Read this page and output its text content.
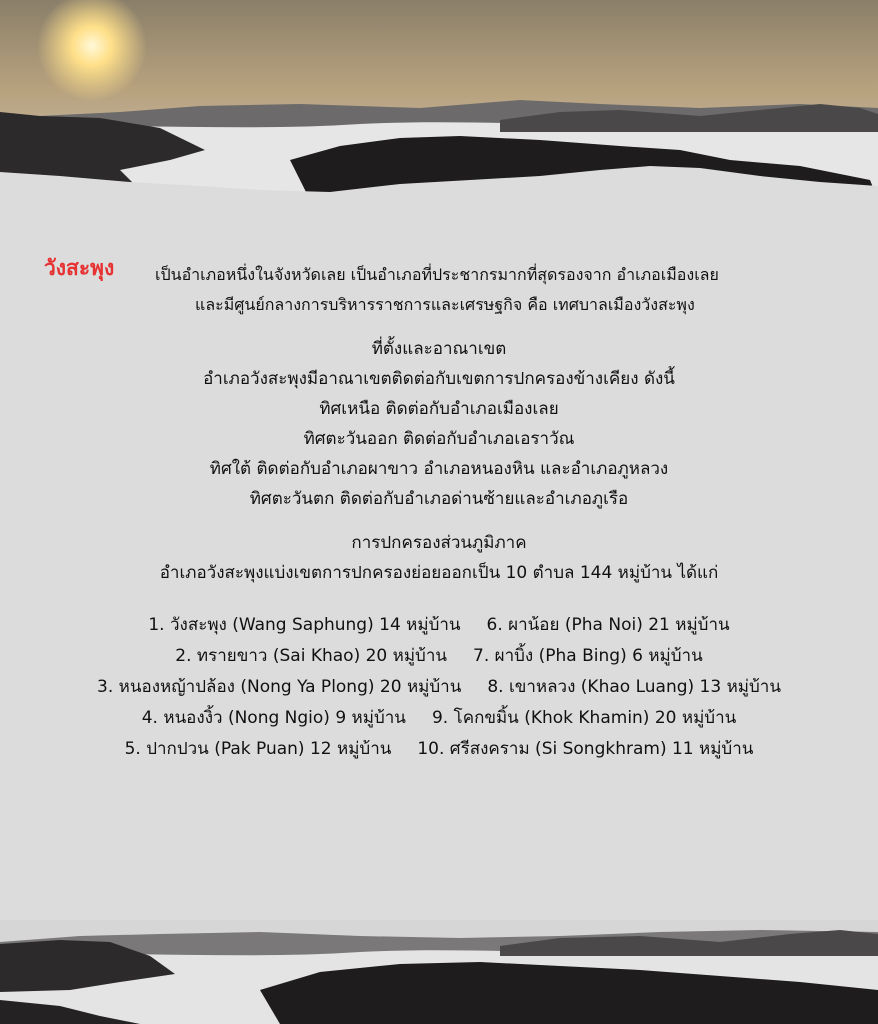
วังสะพุง	เป็นอำเภอหนึ่งในจังหวัดเลย เป็นอำเภอที่ประชากรมากที่สุดรองจาก อำเภอเมืองเลย
และมีศูนย์กลางการบริหารราชการและเศรษฐกิจ คือ เทศบาลเมืองวังสะพุง
ที่ตั้งและอาณาเขต
อำเภอวังสะพุงมีอาณาเขตติดต่อกับเขตการปกครองข้างเคียง ดังนี้
ทิศเหนือ ติดต่อกับอำเภอเมืองเลย
ทิศตะวันออก ติดต่อกับอำเภอเอราวัณ
ทิศใต้ ติดต่อกับอำเภอผาขาว อำเภอหนองหิน และอำเภอภูหลวง
ทิศตะวันตก ติดต่อกับอำเภอด่านซ้ายและอำเภอภูเรือ
การปกครองส่วนภูมิภาค
อำเภอวังสะพุงแบ่งเขตการปกครองย่อยออกเป็น 10 ตำบล 144 หมู่บ้าน ได้แก่
1. วังสะพุง (Wang Saphung) 14 หมู่บ้าน 6. ผาน้อย (Pha Noi) 21 หมู่บ้าน
2. ทรายขาว (Sai Khao) 20 หมู่บ้าน 7. ผาบิ้ง (Pha Bing) 6 หมู่บ้าน
3. หนองหญ้าปล้อง (Nong Ya Plong) 20 หมู่บ้าน 8. เขาหลวง (Khao Luang) 13 หมู่บ้าน
4. หนองงิ้ว (Nong Ngio) 9 หมู่บ้าน 9. โคกขมิ้น (Khok Khamin) 20 หมู่บ้าน
5. ปากปวน (Pak Puan) 12 หมู่บ้าน 10. ศรีสงคราม (Si Songkhram) 11 หมู่บ้าน
